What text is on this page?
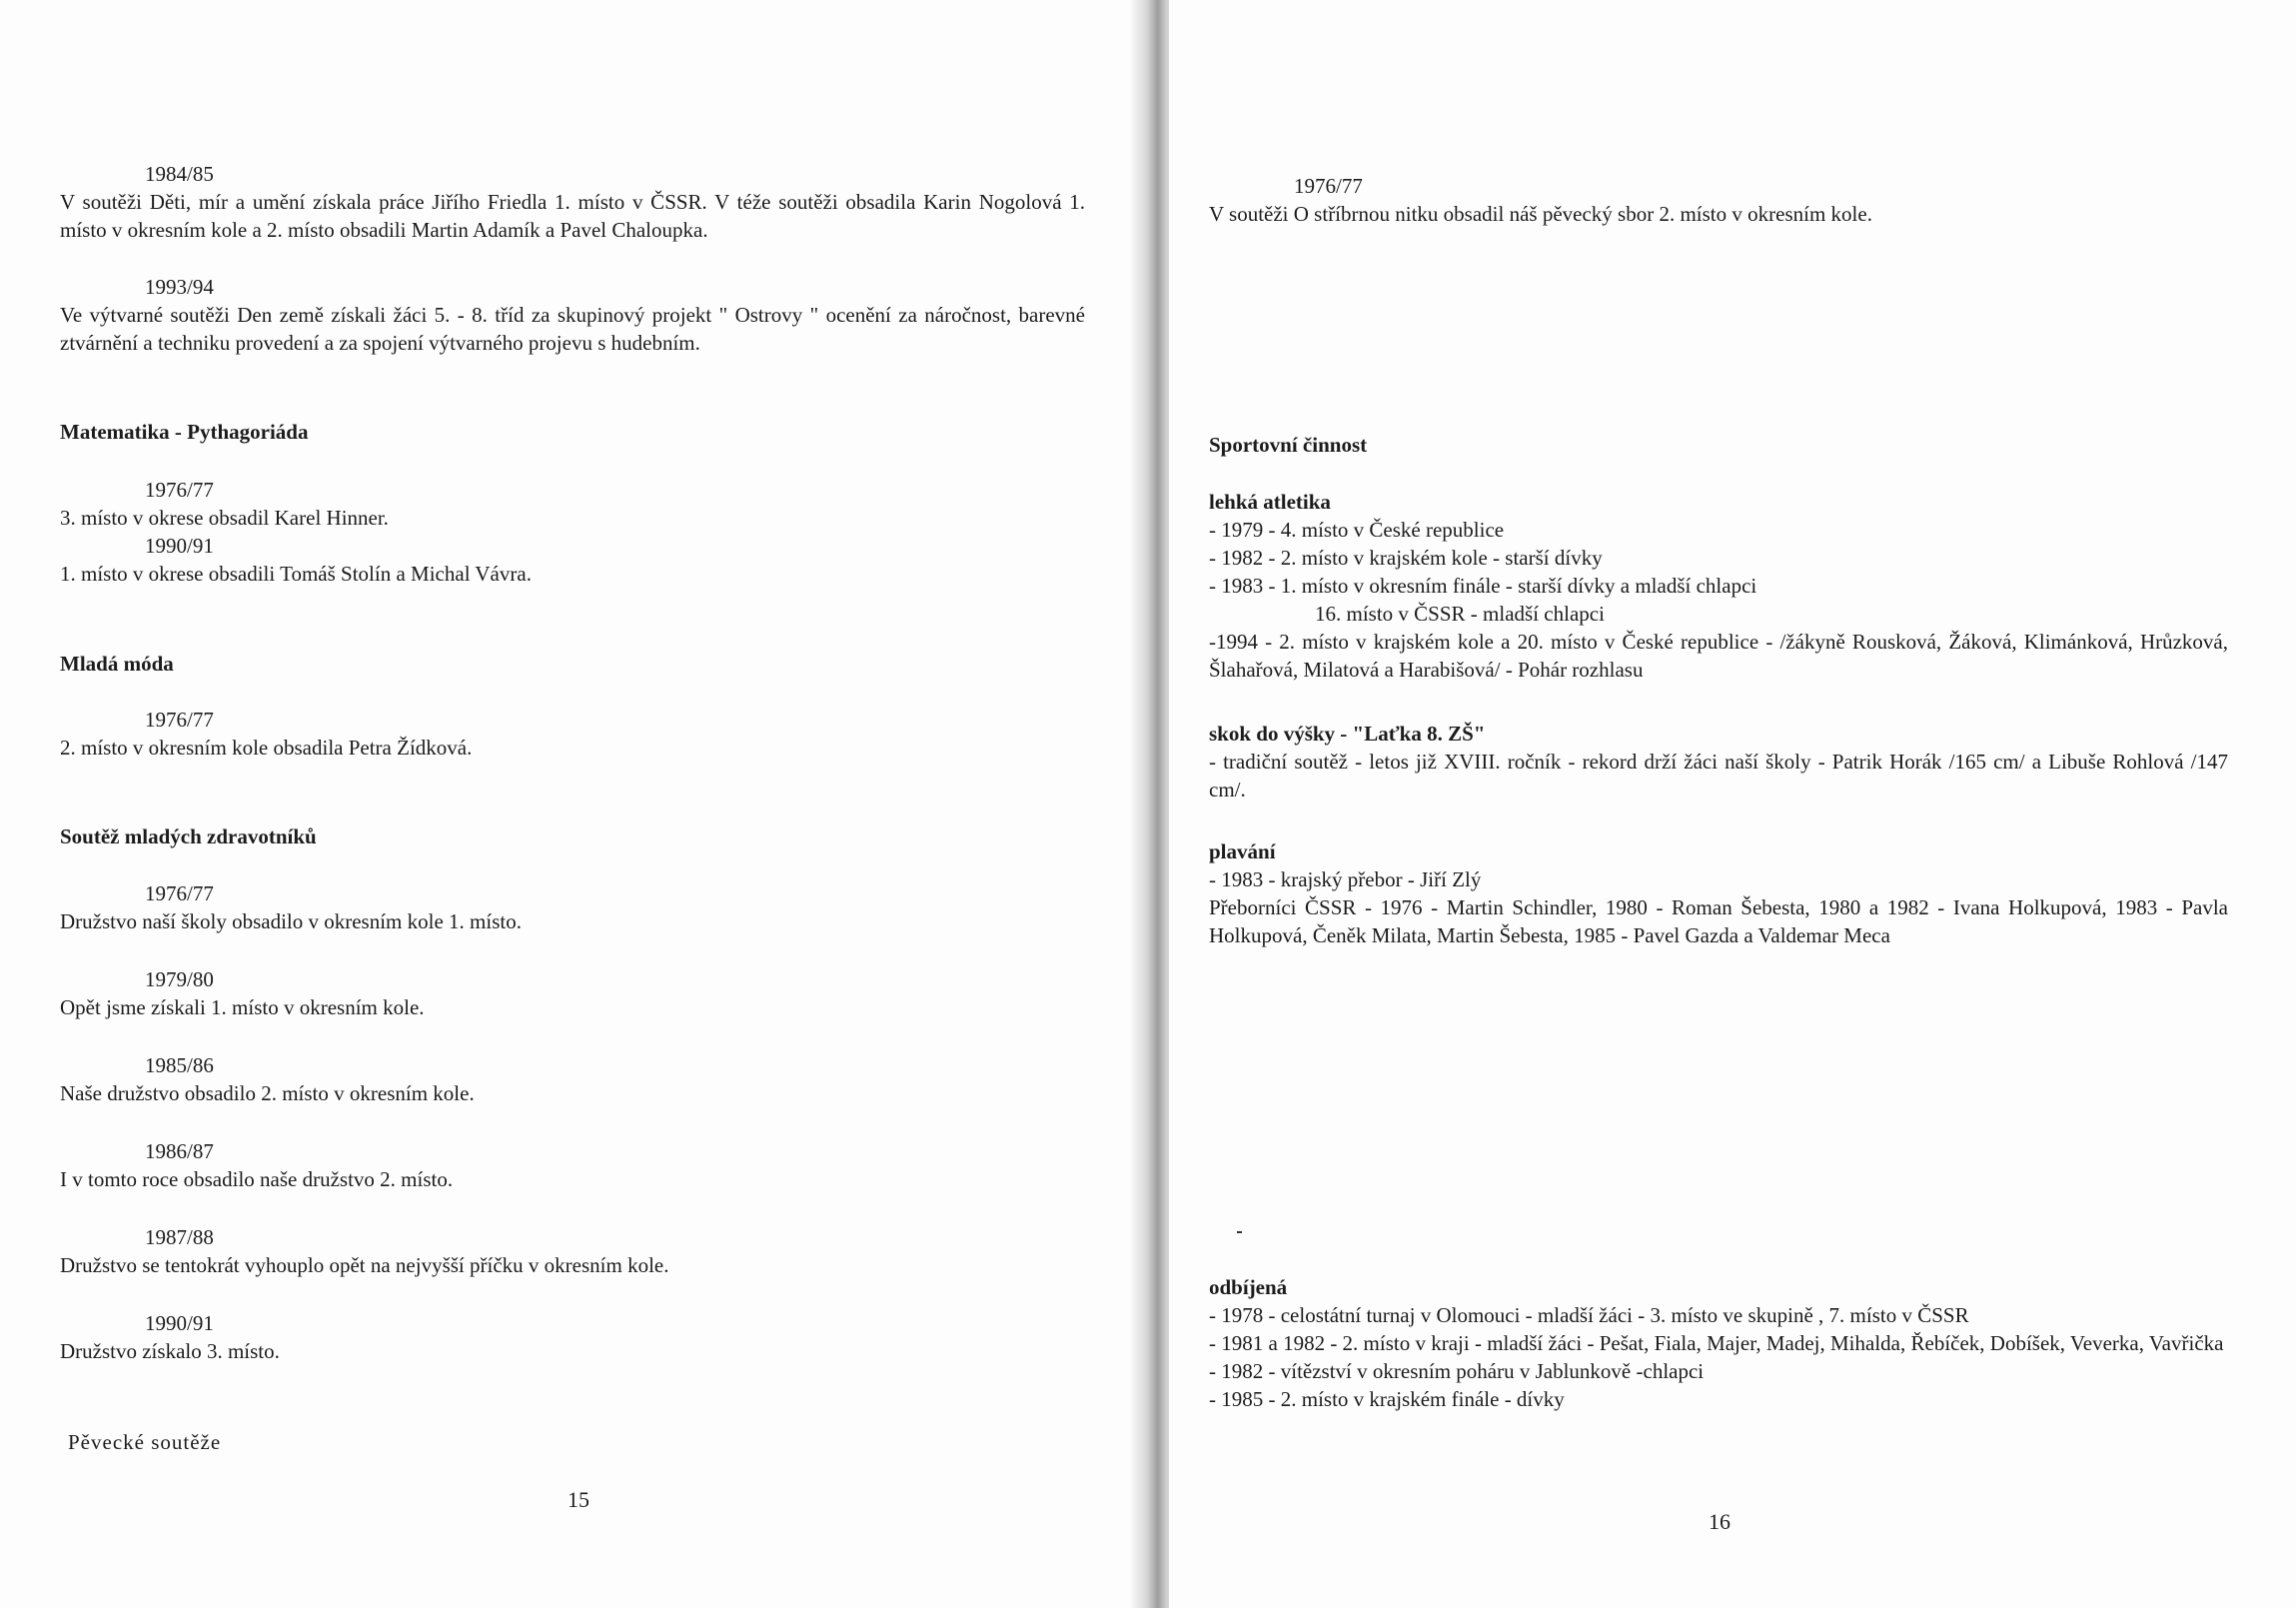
1984/85

V soutěži Děti, mír a umění získala práce Jiřího Friedla 1. místo v ČSSR. V téže soutěži obsadila Karin Nogolová 1. místo v okresním kole a 2. místo obsadili Martin Adamík a Pavel Chaloupka.

1993/94

Ve výtvarné soutěži Den země získali žáci 5. - 8. tříd za skupinový projekt " Ostrovy " ocenění za náročnost, barevné ztvárnění a techniku provedení a za spojení výtvarného projevu s hudebním.

Matematika - Pythagoriáda
1976/77

3. místo v okrese obsadil Karel Hinner.

1990/91

1. místo v okrese obsadili Tomáš Stolín a Michal Vávra.

Mladá móda
1976/77

2. místo v okresním kole obsadila Petra Žídková.

Soutěž mladých zdravotníků
1976/77

Družstvo naší školy obsadilo v okresním kole 1. místo.

1979/80

Opět jsme získali 1. místo v okresním kole.

1985/86

Naše družstvo obsadilo 2. místo v okresním kole.

1986/87

I v tomto roce obsadilo naše družstvo 2. místo.

1987/88

Družstvo se tentokrát vyhouplo opět na nejvyšší příčku v okresním kole.

1990/91

Družstvo získalo 3. místo.

Pěvecké soutěže
15
1976/77

V soutěži O stříbrnou nitku obsadil náš pěvecký sbor 2. místo v okresním kole.

Sportovní činnost

lehká atletika

- 1979 - 4. místo v České republice

- 1982 - 2. místo v krajském kole - starší dívky

- 1983 - 1. místo v okresním finále - starší dívky a mladší chlapci

16. místo v ČSSR - mladší chlapci

-1994 - 2. místo v krajském kole a 20. místo v České republice - /žákyně Rousková, Žáková, Klimánková, Hrůzková, Šlahařová, Milatová a Harabišová/ - Pohár rozhlasu

skok do výšky - "Laťka 8. ZŠ"

- tradiční soutěž - letos již XVIII. ročník - rekord drží žáci naší školy - Patrik Horák /165 cm/ a Libuše Rohlová /147 cm/.

plavání

- 1983 - krajský přebor - Jiří Zlý

Přeborníci ČSSR - 1976 - Martin Schindler, 1980 - Roman Šebesta, 1980 a 1982 - Ivana Holkupová, 1983 - Pavla Holkupová, Čeněk Milata, Martin Šebesta, 1985 - Pavel Gazda a Valdemar Meca

odbíjená

- 1978 - celostátní turnaj v Olomouci - mladší žáci - 3. místo ve skupině , 7. místo v ČSSR

- 1981 a 1982 - 2. místo v kraji - mladší žáci - Pešat, Fiala, Majer, Madej, Mihalda, Řebíček, Dobíšek, Veverka, Vavřička

- 1982 - vítězství v okresním poháru v Jablunkově -chlapci

- 1985 - 2. místo v krajském finále - dívky

16
